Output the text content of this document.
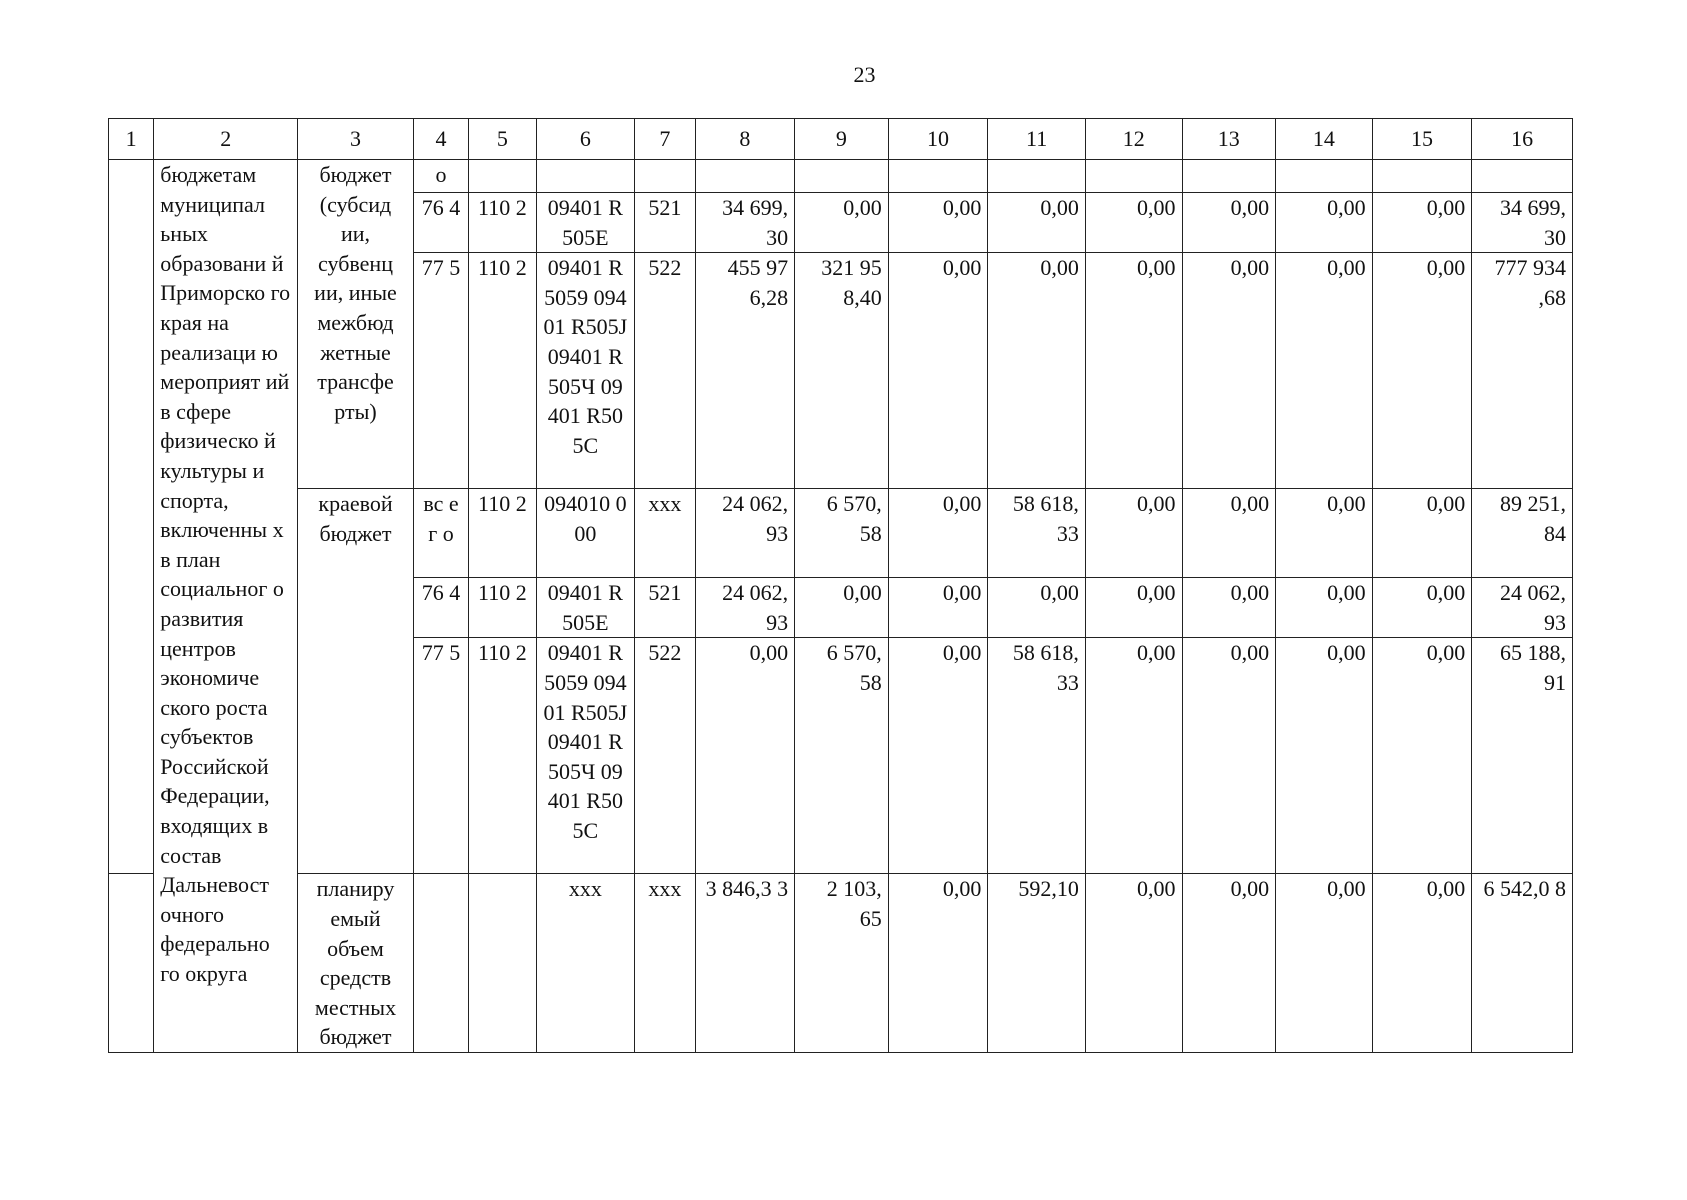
23
1	2	3	4	5	6	7	8	9	10	11	12	13	14	15	16
	бюджетам муниципал ьных образовани й Приморско го края на реализаци ю мероприят ий в сфере физическо й культуры и спорта, включенны х в план социальног о развития центров экономиче ского роста субъектов Российской Федерации, входящих в состав Дальневост очного федерально го округа	бюджет (субсид ии, субвенц ии, иные межбюд жетные трансфе рты)	о												
			76 4	110 2	09401 R505E	521	34 699, 30	0,00	0,00	0,00	0,00	0,00	0,00	0,00	34 699, 30
			77 5	110 2	09401 R5059 09401 R505J 09401 R505Ч 09401 R505C	522	455 97 6,28	321 95 8,40	0,00	0,00	0,00	0,00	0,00	0,00	777 934 ,68
		краевой бюджет	вс ег о	110 2	094010 000	ххх	24 062, 93	6 570, 58	0,00	58 618, 33	0,00	0,00	0,00	0,00	89 251, 84
			76 4	110 2	09401 R505E	521	24 062, 93	0,00	0,00	0,00	0,00	0,00	0,00	0,00	24 062, 93
			77 5	110 2	09401 R5059 09401 R505J 09401 R505Ч 09401 R505C	522	0,00	6 570, 58	0,00	58 618, 33	0,00	0,00	0,00	0,00	65 188, 91
		планиру емый объем средств местных бюджет			ххх	ххх	3 846,3 3	2 103, 65	0,00	592,10	0,00	0,00	0,00	0,00	6 542,0 8
